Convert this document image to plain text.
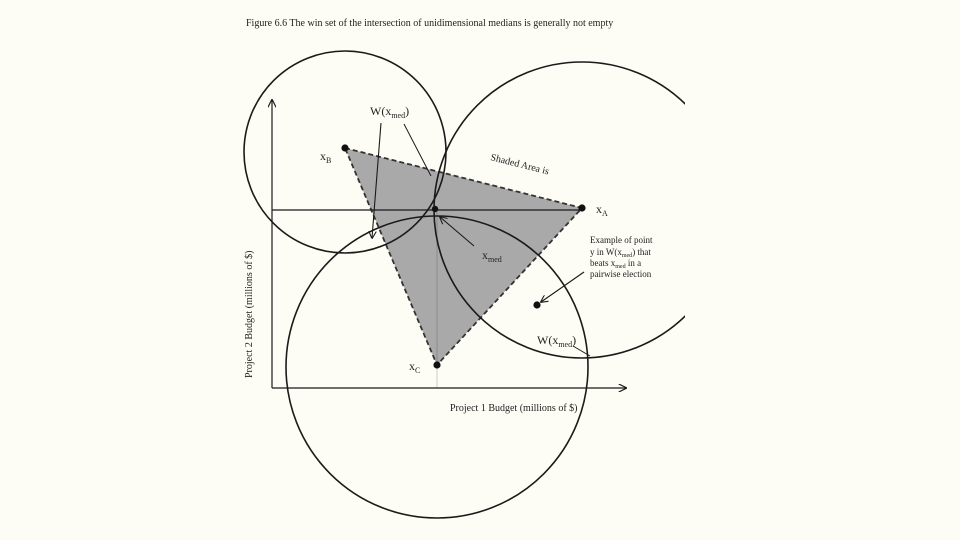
Figure 6.6 The win set of the intersection of unidimensional medians is generally not empty
$x_B$
$x_A$
$x_C$
$x_{med}$
$W(x_{med})$
$W(x_{med})$
Shaded Area is
Example of point
y in $W(x_{med})$ that
beats $x_{med}$ in a
pairwise election
Project 1 Budget (millions of $)
Project 2 Budget (millions of $)
